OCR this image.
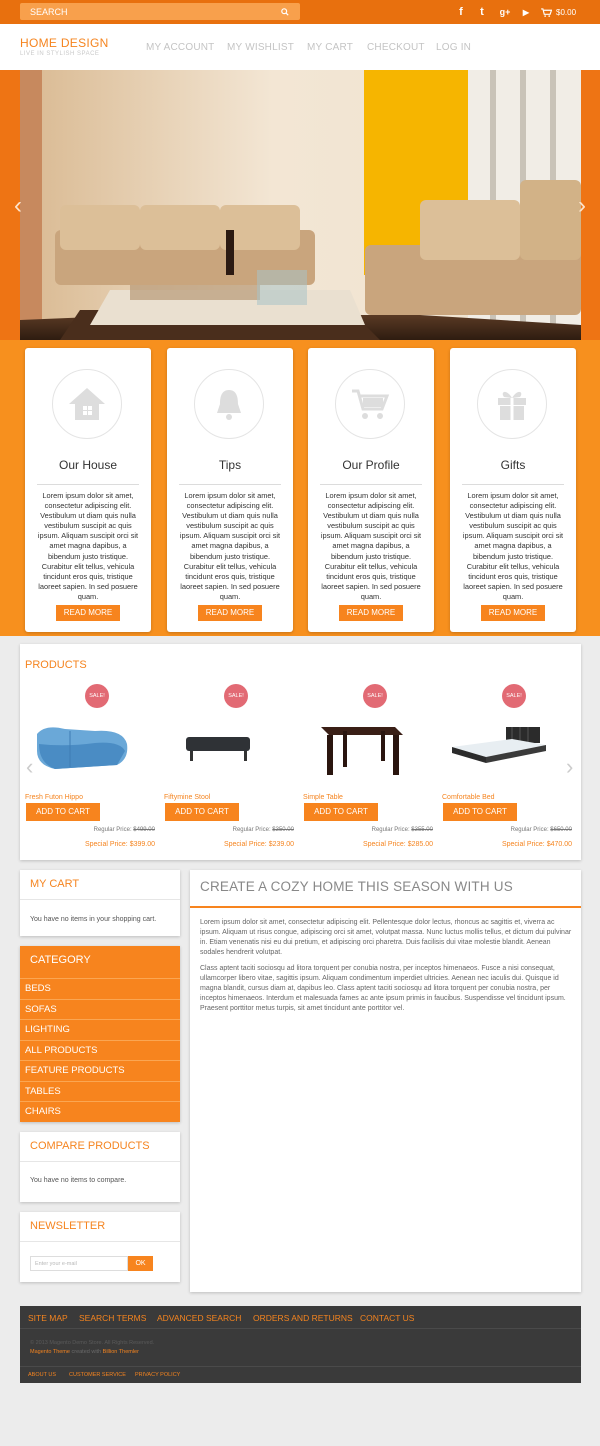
SEARCH
f	t	g+	▶	$0.00
HOME DESIGN
LIVE IN STYLISH SPACE
MY ACCOUNT MY WISHLIST MY CART CHECKOUT LOG IN
‹	›
Our House
Lorem ipsum dolor sit amet, consectetur adipiscing elit. Vestibulum ut diam quis nulla vestibulum suscipit ac quis ipsum. Aliquam suscipit orci sit amet magna dapibus, a bibendum justo tristique. Curabitur elit tellus, vehicula tincidunt eros quis, tristique laoreet sapien. In sed posuere quam.
READ MORE
Tips
Lorem ipsum dolor sit amet, consectetur adipiscing elit. Vestibulum ut diam quis nulla vestibulum suscipit ac quis ipsum. Aliquam suscipit orci sit amet magna dapibus, a bibendum justo tristique. Curabitur elit tellus, vehicula tincidunt eros quis, tristique laoreet sapien. In sed posuere quam.
READ MORE
Our Profile
Lorem ipsum dolor sit amet, consectetur adipiscing elit. Vestibulum ut diam quis nulla vestibulum suscipit ac quis ipsum. Aliquam suscipit orci sit amet magna dapibus, a bibendum justo tristique. Curabitur elit tellus, vehicula tincidunt eros quis, tristique laoreet sapien. In sed posuere quam.
READ MORE
Gifts
Lorem ipsum dolor sit amet, consectetur adipiscing elit. Vestibulum ut diam quis nulla vestibulum suscipit ac quis ipsum. Aliquam suscipit orci sit amet magna dapibus, a bibendum justo tristique. Curabitur elit tellus, vehicula tincidunt eros quis, tristique laoreet sapien. In sed posuere quam.
READ MORE
PRODUCTS
‹	›
SALE!
Fresh Futon Hippo
ADD TO CART
Regular Price: $499.00
Special Price: $399.00
SALE!
Fiftymine Stool
ADD TO CART
Regular Price: $350.00
Special Price: $239.00
SALE!
Simple Table
ADD TO CART
Regular Price: $355.00
Special Price: $285.00
SALE!
Comfortable Bed
ADD TO CART
Regular Price: $650.00
Special Price: $470.00
MY CART
You have no items in your shopping cart.
CATEGORY
BEDS
SOFAS
LIGHTING
ALL PRODUCTS
FEATURE PRODUCTS
TABLES
CHAIRS
COMPARE PRODUCTS
You have no items to compare.
NEWSLETTER
Enter your e-mail
OK
CREATE A COZY HOME THIS SEASON WITH US
Lorem ipsum dolor sit amet, consectetur adipiscing elit. Pellentesque dolor lectus, rhoncus ac sagittis et, viverra ac ipsum. Aliquam ut risus congue, adipiscing orci sit amet, volutpat massa. Nunc luctus mollis tellus, et dictum dui pulvinar in. Etiam venenatis nisi eu dui pretium, et adipiscing orci pharetra. Duis facilisis dui vitae molestie blandit. Aenean sodales hendrerit volutpat.
Class aptent taciti sociosqu ad litora torquent per conubia nostra, per inceptos himenaeos. Fusce a nisi consequat, ullamcorper libero vitae, sagittis ipsum. Aliquam condimentum imperdiet ultricies. Aenean nec iaculis dui. Quisque id magna blandit, cursus diam at, dapibus leo. Class aptent taciti sociosqu ad litora torquent per conubia nostra, per inceptos himenaeos. Interdum et malesuada fames ac ante ipsum primis in faucibus. Suspendisse vel tincidunt ipsum. Praesent porttitor metus turpis, sit amet tincidunt ante porttitor vel.
SITE MAP SEARCH TERMS ADVANCED SEARCH ORDERS AND RETURNS CONTACT US
© 2013 Magento Demo Store. All Rights Reserved.
Magento Theme created with Billion Themler
ABOUT US CUSTOMER SERVICE PRIVACY POLICY
